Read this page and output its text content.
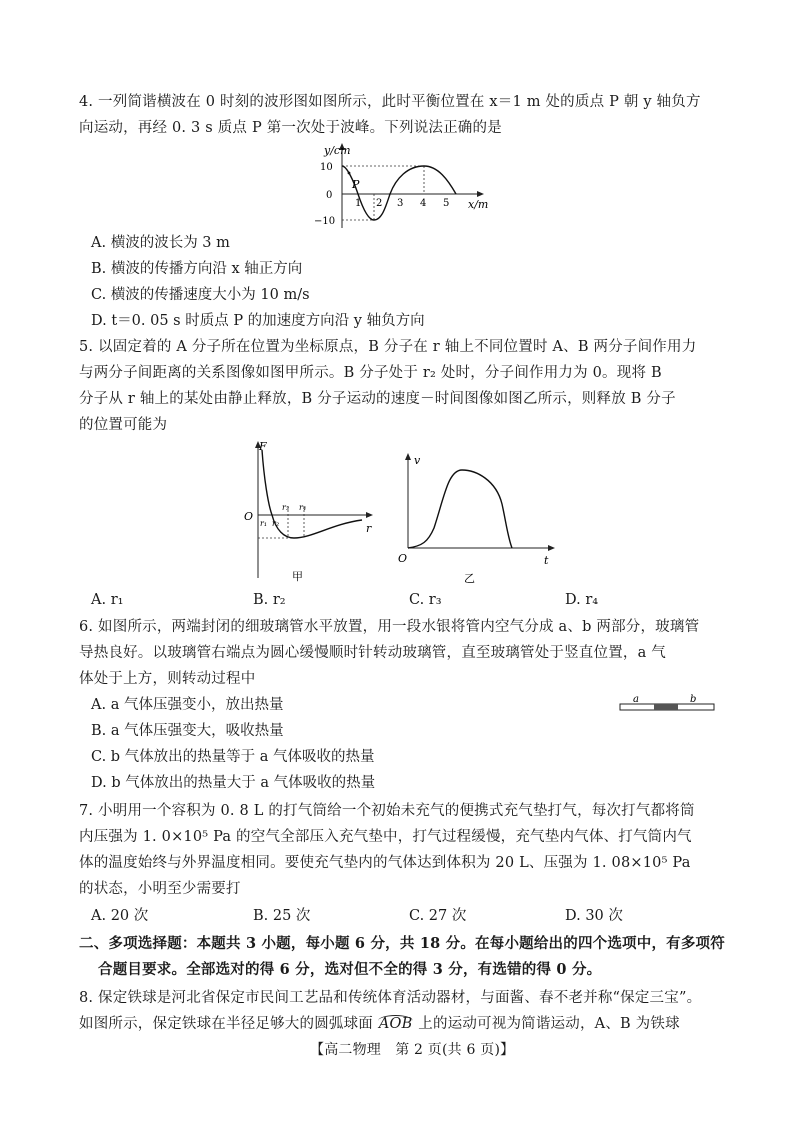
4. 一列简谐横波在 0 时刻的波形图如图所示，此时平衡位置在 x＝1 m 处的质点 P 朝 y 轴负方
向运动，再经 0. 3 s 质点 P 第一次处于波峰。下列说法正确的是
y/cm
x/m
P
10
0
−10
1 2 3 4 5
A. 横波的波长为 3 m
B. 横波的传播方向沿 x 轴正方向
C. 横波的传播速度大小为 10 m/s
D. t＝0. 05 s 时质点 P 的加速度方向沿 y 轴负方向
5. 以固定着的 A 分子所在位置为坐标原点，B 分子在 r 轴上不同位置时 A、B 两分子间作用力
与两分子间距离的关系图像如图甲所示。B 分子处于 r₂ 处时，分子间作用力为 0。现将 B
分子从 r 轴上的某处由静止释放，B 分子运动的速度－时间图像如图乙所示，则释放 B 分子
的位置可能为
F
r
O
r₁ r₂
r₃ r₄
甲
v
t
O
乙
A. r₁	B. r₂	C. r₃	D. r₄
6. 如图所示，两端封闭的细玻璃管水平放置，用一段水银将管内空气分成 a、b 两部分，玻璃管
导热良好。以玻璃管右端点为圆心缓慢顺时针转动玻璃管，直至玻璃管处于竖直位置，a 气
体处于上方，则转动过程中
a	b
A. a 气体压强变小，放出热量
B. a 气体压强变大，吸收热量
C. b 气体放出的热量等于 a 气体吸收的热量
D. b 气体放出的热量大于 a 气体吸收的热量
7. 小明用一个容积为 0. 8 L 的打气筒给一个初始未充气的便携式充气垫打气，每次打气都将筒
内压强为 1. 0×10⁵ Pa 的空气全部压入充气垫中，打气过程缓慢，充气垫内气体、打气筒内气
体的温度始终与外界温度相同。要使充气垫内的气体达到体积为 20 L、压强为 1. 08×10⁵ Pa
的状态，小明至少需要打
A. 20 次	B. 25 次	C. 27 次	D. 30 次
二、多项选择题：本题共 3 小题，每小题 6 分，共 18 分。在每小题给出的四个选项中，有多项符
合题目要求。全部选对的得 6 分，选对但不全的得 3 分，有选错的得 0 分。
8. 保定铁球是河北省保定市民间工艺品和传统体育活动器材，与面酱、春不老并称“保定三宝”。
如图所示，保定铁球在半径足够大的圆弧球面 AOB 上的运动可视为简谐运动，A、B 为铁球
【高二物理　第 2 页(共 6 页)】
